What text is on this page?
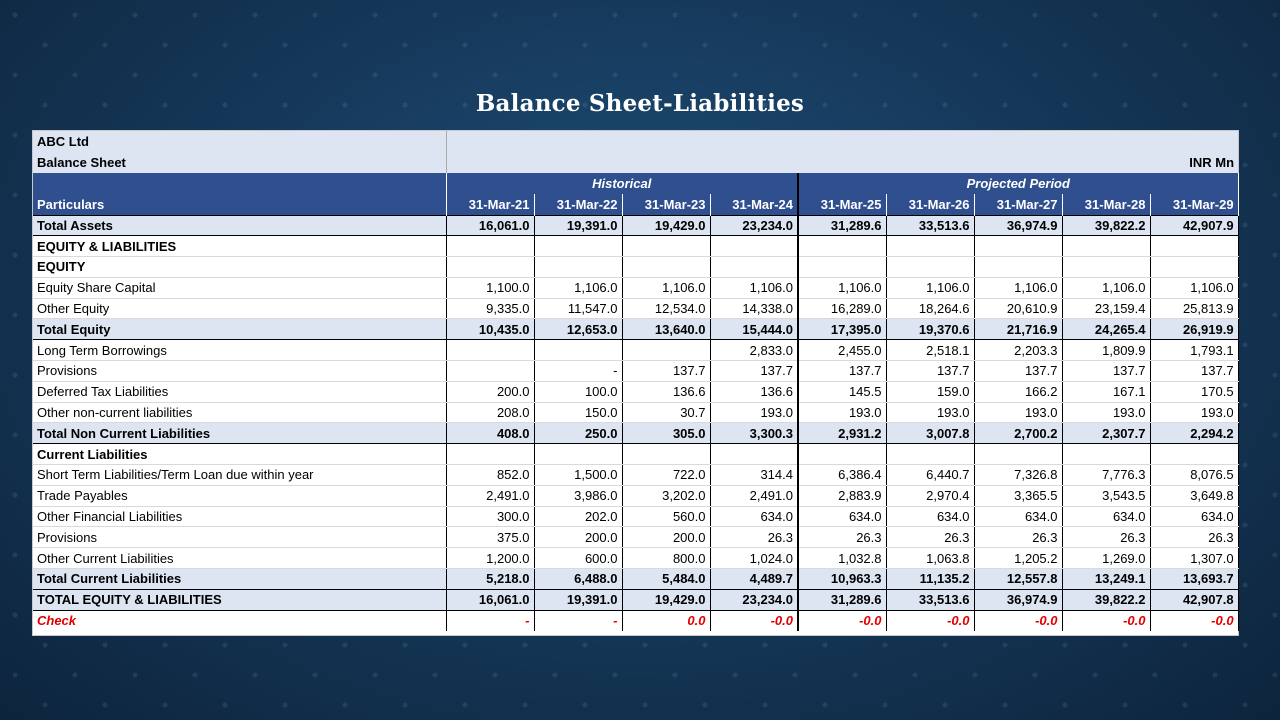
Balance Sheet-Liabilities
ABC Ltd									
Balance Sheet	INR Mn								
	Historical				Projected Period				
Particulars	31-Mar-21	31-Mar-22	31-Mar-23	31-Mar-24	31-Mar-25	31-Mar-26	31-Mar-27	31-Mar-28	31-Mar-29
Total Assets	16,061.0	19,391.0	19,429.0	23,234.0	31,289.6	33,513.6	36,974.9	39,822.2	42,907.9
EQUITY & LIABILITIES									
EQUITY									
Equity Share Capital	1,100.0	1,106.0	1,106.0	1,106.0	1,106.0	1,106.0	1,106.0	1,106.0	1,106.0
Other Equity	9,335.0	11,547.0	12,534.0	14,338.0	16,289.0	18,264.6	20,610.9	23,159.4	25,813.9
Total Equity	10,435.0	12,653.0	13,640.0	15,444.0	17,395.0	19,370.6	21,716.9	24,265.4	26,919.9
Long Term Borrowings				2,833.0	2,455.0	2,518.1	2,203.3	1,809.9	1,793.1
Provisions		-	137.7	137.7	137.7	137.7	137.7	137.7	137.7
Deferred Tax Liabilities	200.0	100.0	136.6	136.6	145.5	159.0	166.2	167.1	170.5
Other non-current liabilities	208.0	150.0	30.7	193.0	193.0	193.0	193.0	193.0	193.0
Total Non Current Liabilities	408.0	250.0	305.0	3,300.3	2,931.2	3,007.8	2,700.2	2,307.7	2,294.2
Current Liabilities									
Short Term Liabilities/Term Loan due within year	852.0	1,500.0	722.0	314.4	6,386.4	6,440.7	7,326.8	7,776.3	8,076.5
Trade Payables	2,491.0	3,986.0	3,202.0	2,491.0	2,883.9	2,970.4	3,365.5	3,543.5	3,649.8
Other Financial Liabilities	300.0	202.0	560.0	634.0	634.0	634.0	634.0	634.0	634.0
Provisions	375.0	200.0	200.0	26.3	26.3	26.3	26.3	26.3	26.3
Other Current Liabilities	1,200.0	600.0	800.0	1,024.0	1,032.8	1,063.8	1,205.2	1,269.0	1,307.0
Total Current Liabilities	5,218.0	6,488.0	5,484.0	4,489.7	10,963.3	11,135.2	12,557.8	13,249.1	13,693.7
TOTAL EQUITY & LIABILITIES	16,061.0	19,391.0	19,429.0	23,234.0	31,289.6	33,513.6	36,974.9	39,822.2	42,907.8
Check	-	-	0.0	-0.0	-0.0	-0.0	-0.0	-0.0	-0.0
